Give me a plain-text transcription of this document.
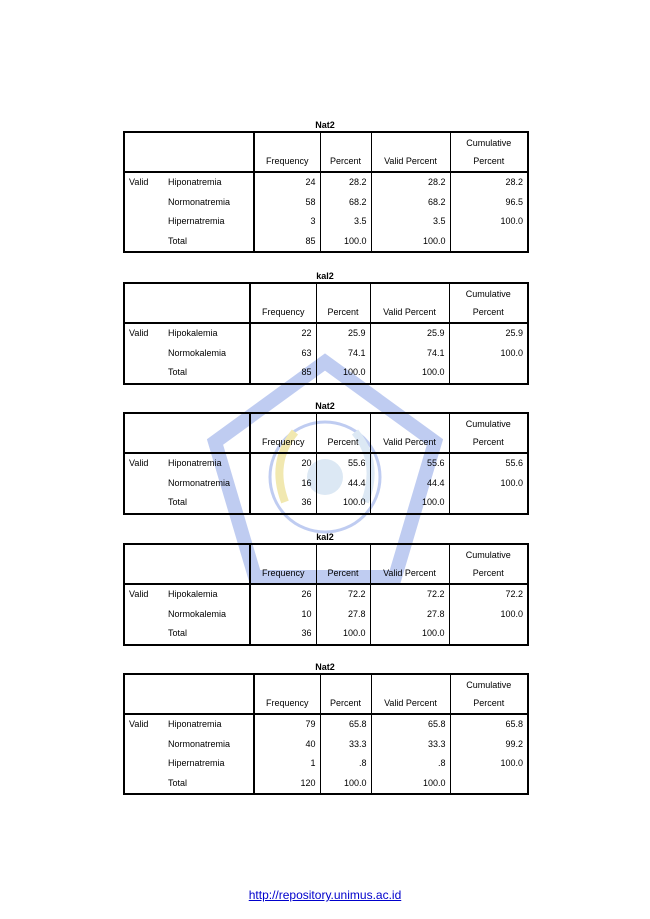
Nat2
		Frequency	Percent	Valid Percent	Cumulative
Percent

Valid	Hiponatremia	24	28.2	28.2	28.2
	Normonatremia	58	68.2	68.2	96.5
	Hipernatremia	3	3.5	3.5	100.0
	Total	85	100.0	100.0	
kal2
		Frequency	Percent	Valid Percent	Cumulative
Percent

Valid	Hipokalemia	22	25.9	25.9	25.9
	Normokalemia	63	74.1	74.1	100.0
	Total	85	100.0	100.0	
Nat2
		Frequency	Percent	Valid Percent	Cumulative
Percent

Valid	Hiponatremia	20	55.6	55.6	55.6
	Normonatremia	16	44.4	44.4	100.0
	Total	36	100.0	100.0	
kal2
		Frequency	Percent	Valid Percent	Cumulative
Percent

Valid	Hipokalemia	26	72.2	72.2	72.2
	Normokalemia	10	27.8	27.8	100.0
	Total	36	100.0	100.0	
Nat2
		Frequency	Percent	Valid Percent	Cumulative
Percent

Valid	Hiponatremia	79	65.8	65.8	65.8
	Normonatremia	40	33.3	33.3	99.2
	Hipernatremia	1	.8	.8	100.0
	Total	120	100.0	100.0	
http://repository.unimus.ac.id
